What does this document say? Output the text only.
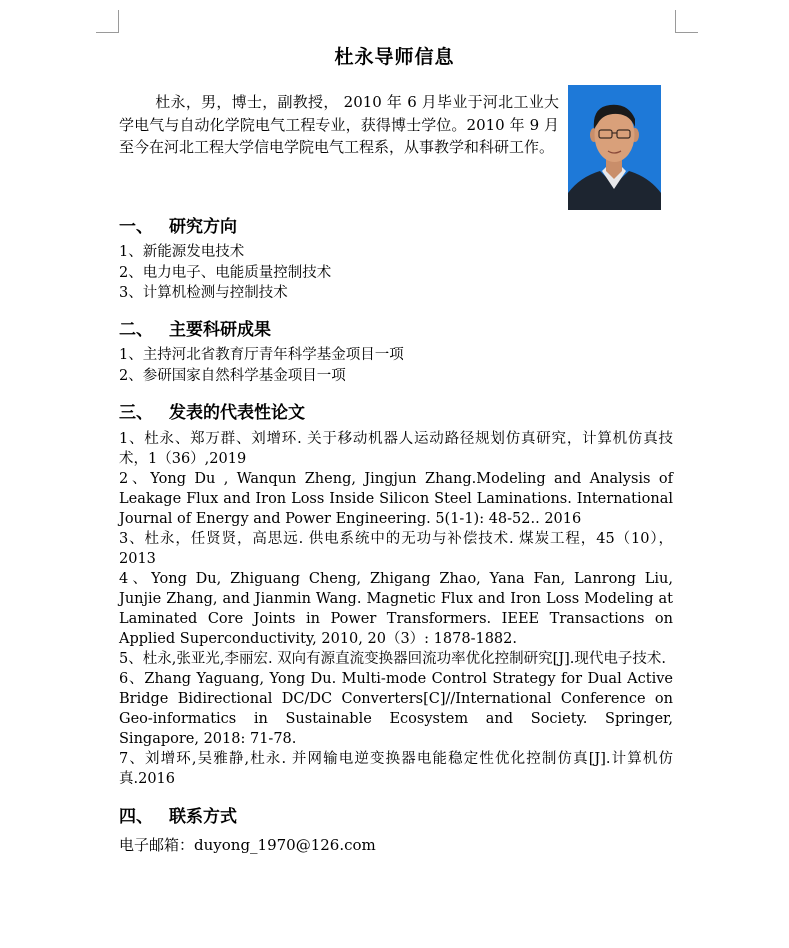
杜永导师信息
杜永，男，博士，副教授， 2010 年 6 月毕业于河北工业大学电气与自动化学院电气工程专业，获得博士学位。2010 年 9 月至今在河北工程大学信电学院电气工程系，从事教学和科研工作。
一、 研究方向

1、新能源发电技术

2、电力电子、电能质量控制技术

3、计算机检测与控制技术

二、 主要科研成果

1、主持河北省教育厅青年科学基金项目一项

2、参研国家自然科学基金项目一项

三、 发表的代表性论文

1、杜永、郑万群、刘增环. 关于移动机器人运动路径规划仿真研究，计算机仿真技术，1（36）,2019

2、Yong Du , Wanqun Zheng, Jingjun Zhang.Modeling and Analysis of Leakage Flux and Iron Loss Inside Silicon Steel Laminations. International Journal of Energy and Power Engineering. 5(1-1): 48-52.. 2016

3、杜永，任贤贤，高思远. 供电系统中的无功与补偿技术. 煤炭工程，45（10），2013

4、Yong Du, Zhiguang Cheng, Zhigang Zhao, Yana Fan, Lanrong Liu, Junjie Zhang, and Jianmin Wang. Magnetic Flux and Iron Loss Modeling at Laminated Core Joints in Power Transformers. IEEE Transactions on Applied Superconductivity, 2010, 20（3）: 1878-1882.

5、杜永,张亚光,李丽宏. 双向有源直流变换器回流功率优化控制研究[J].现代电子技术.

6、Zhang Yaguang, Yong Du. Multi-mode Control Strategy for Dual Active Bridge Bidirectional DC/DC Converters[C]//International Conference on Geo-informatics in Sustainable Ecosystem and Society. Springer, Singapore, 2018: 71-78.

7、刘增环,吴雅静,杜永. 并网输电逆变换器电能稳定性优化控制仿真[J].计算机仿真.2016

四、 联系方式
电子邮箱：duyong_1970@126.com
